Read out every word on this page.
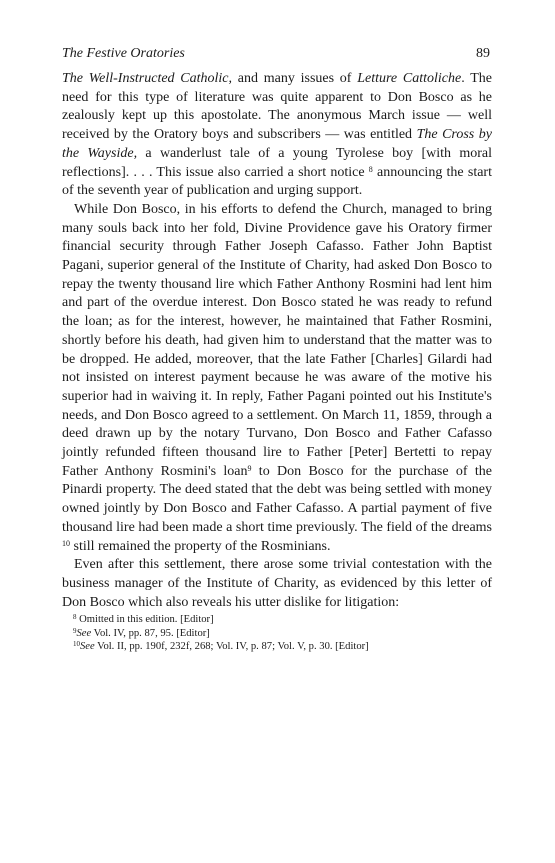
The Festive Oratories	89

The Well-Instructed Catholic, and many issues of Letture Cattoliche. The need for this type of literature was quite apparent to Don Bosco as he zealously kept up this apostolate. The anonymous March issue — well received by the Oratory boys and subscribers — was entitled The Cross by the Wayside, a wanderlust tale of a young Tyrolese boy [with moral reflections]. . . . This issue also carried a short notice $^8$ announcing the start of the seventh year of publication and urging support.

While Don Bosco, in his efforts to defend the Church, managed to bring many souls back into her fold, Divine Providence gave his Oratory firmer financial security through Father Joseph Cafasso. Father John Baptist Pagani, superior general of the Institute of Charity, had asked Don Bosco to repay the twenty thousand lire which Father Anthony Rosmini had lent him and part of the overdue interest. Don Bosco stated he was ready to refund the loan; as for the interest, however, he maintained that Father Rosmini, shortly before his death, had given him to understand that the matter was to be dropped. He added, moreover, that the late Father [Charles] Gilardi had not insisted on interest payment because he was aware of the motive his superior had in waiving it. In reply, Father Pagani pointed out his Institute's needs, and Don Bosco agreed to a settlement. On March 11, 1859, through a deed drawn up by the notary Turvano, Don Bosco and Father Cafasso jointly refunded fifteen thousand lire to Father [Peter] Bertetti to repay Father Anthony Rosmini's loan$^9$ to Don Bosco for the purchase of the Pinardi property. The deed stated that the debt was being settled with money owned jointly by Don Bosco and Father Cafasso. A partial payment of five thousand lire had been made a short time previously. The field of the dreams $^{10}$ still remained the property of the Rosminians.

Even after this settlement, there arose some trivial contestation with the business manager of the Institute of Charity, as evidenced by this letter of Don Bosco which also reveals his utter dislike for litigation:

$^8$ Omitted in this edition. [Editor]
$^9$See Vol. IV, pp. 87, 95. [Editor]
$^{10}$See Vol. II, pp. 190f, 232f, 268; Vol. IV, p. 87; Vol. V, p. 30. [Editor]
